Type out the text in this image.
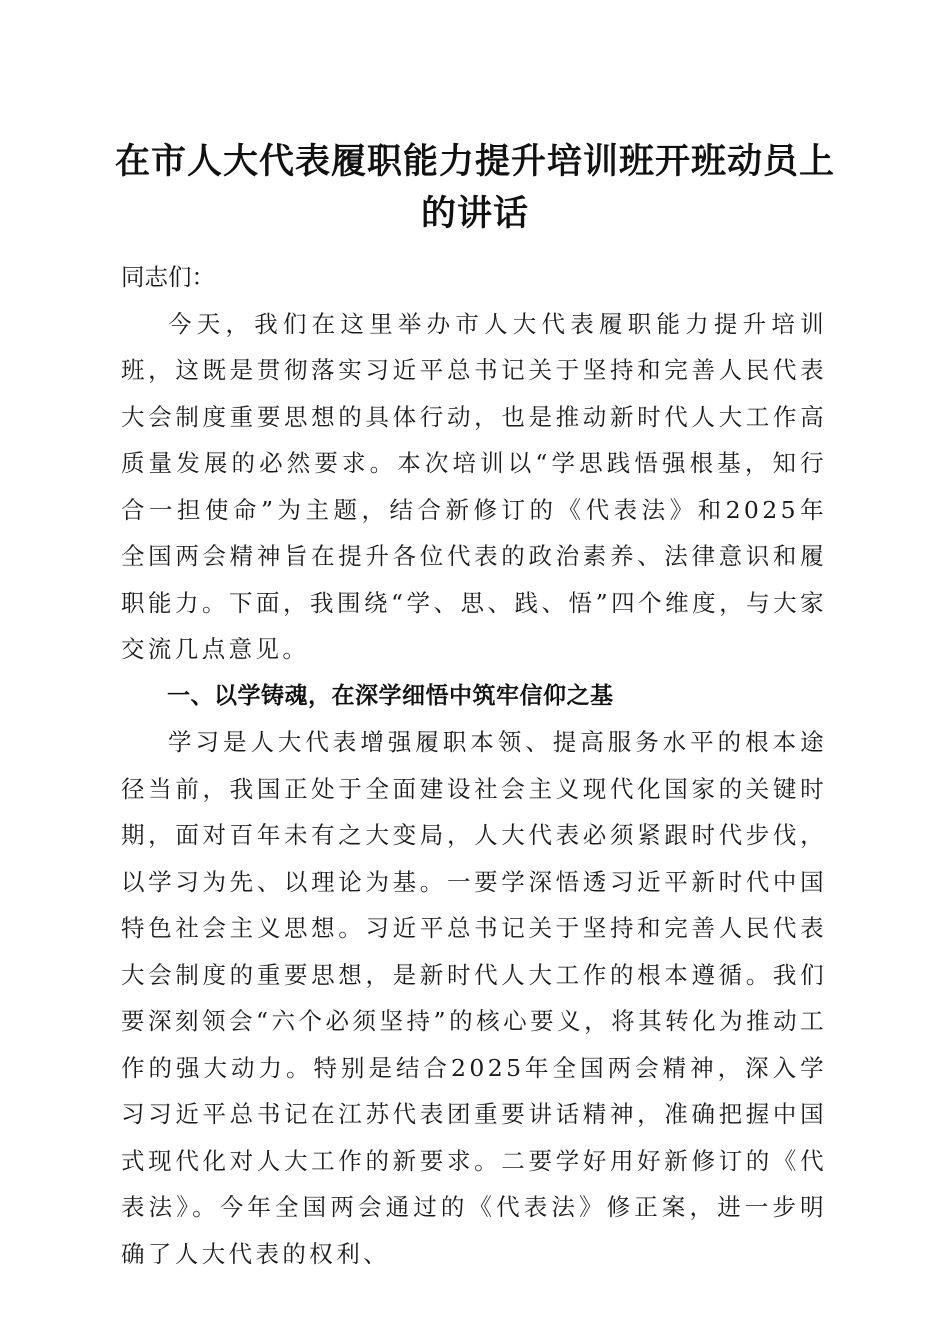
在市人大代表履职能力提升培训班开班动员上的讲话

同志们：

今天，我们在这里举办市人大代表履职能力提升培训班，这既是贯彻落实习近平总书记关于坚持和完善人民代表大会制度重要思想的具体行动，也是推动新时代人大工作高质量发展的必然要求。本次培训以“学思践悟强根基，知行合一担使命”为主题，结合新修订的《代表法》和2025年全国两会精神旨在提升各位代表的政治素养、法律意识和履职能力。下面，我围绕“学、思、践、悟”四个维度，与大家交流几点意见。

一、以学铸魂，在深学细悟中筑牢信仰之基

学习是人大代表增强履职本领、提高服务水平的根本途径当前，我国正处于全面建设社会主义现代化国家的关键时期，面对百年未有之大变局，人大代表必须紧跟时代步伐，以学习为先、以理论为基。一要学深悟透习近平新时代中国特色社会主义思想。习近平总书记关于坚持和完善人民代表大会制度的重要思想，是新时代人大工作的根本遵循。我们要深刻领会“六个必须坚持”的核心要义，将其转化为推动工作的强大动力。特别是结合2025年全国两会精神，深入学习习近平总书记在江苏代表团重要讲话精神，准确把握中国式现代化对人大工作的新要求。二要学好用好新修订的《代表法》。今年全国两会通过的《代表法》修正案，进一步明确了人大代表的权利、
